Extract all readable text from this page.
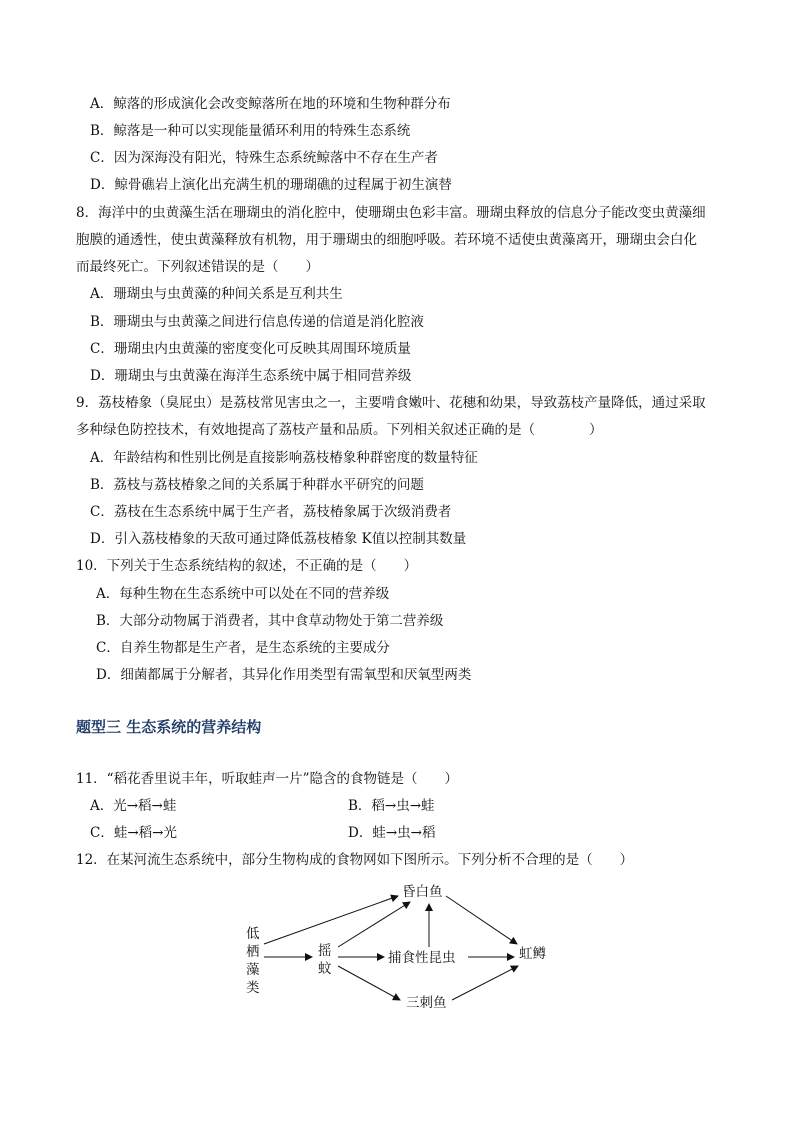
A．鲸落的形成演化会改变鲸落所在地的环境和生物种群分布
B．鲸落是一种可以实现能量循环利用的特殊生态系统
C．因为深海没有阳光，特殊生态系统鲸落中不存在生产者
D．鲸骨礁岩上演化出充满生机的珊瑚礁的过程属于初生演替
8．海洋中的虫黄藻生活在珊瑚虫的消化腔中，使珊瑚虫色彩丰富。珊瑚虫释放的信息分子能改变虫黄藻细
胞膜的通透性，使虫黄藻释放有机物，用于珊瑚虫的细胞呼吸。若环境不适使虫黄藻离开，珊瑚虫会白化
而最终死亡。下列叙述错误的是（　　）
A．珊瑚虫与虫黄藻的种间关系是互利共生
B．珊瑚虫与虫黄藻之间进行信息传递的信道是消化腔液
C．珊瑚虫内虫黄藻的密度变化可反映其周围环境质量
D．珊瑚虫与虫黄藻在海洋生态系统中属于相同营养级
9．荔枝椿象（臭屁虫）是荔枝常见害虫之一，主要啃食嫩叶、花穗和幼果，导致荔枝产量降低，通过采取
多种绿色防控技术，有效地提高了荔枝产量和品质。下列相关叙述正确的是（　　　　）
A．年龄结构和性别比例是直接影响荔枝椿象种群密度的数量特征
B．荔枝与荔枝椿象之间的关系属于种群水平研究的问题
C．荔枝在生态系统中属于生产者，荔枝椿象属于次级消费者
D．引入荔枝椿象的天敌可通过降低荔枝椿象 K值以控制其数量
10．下列关于生态系统结构的叙述，不正确的是（　　）
A．每种生物在生态系统中可以处在不同的营养级
B．大部分动物属于消费者，其中食草动物处于第二营养级
C．自养生物都是生产者，是生态系统的主要成分
D．细菌都属于分解者，其异化作用类型有需氧型和厌氧型两类
题型三 生态系统的营养结构
11．“稻花香里说丰年，听取蛙声一片”隐含的食物链是（　　）
A．光→稻→蛙	B．稻→虫→蛙
C．蛙→稻→光	D．蛙→虫→稻
12．在某河流生态系统中，部分生物构成的食物网如下图所示。下列分析不合理的是（　　）
低
栖
藻
类
摇
蚊
昏白鱼
捕食性昆虫
三刺鱼
虹鳟
